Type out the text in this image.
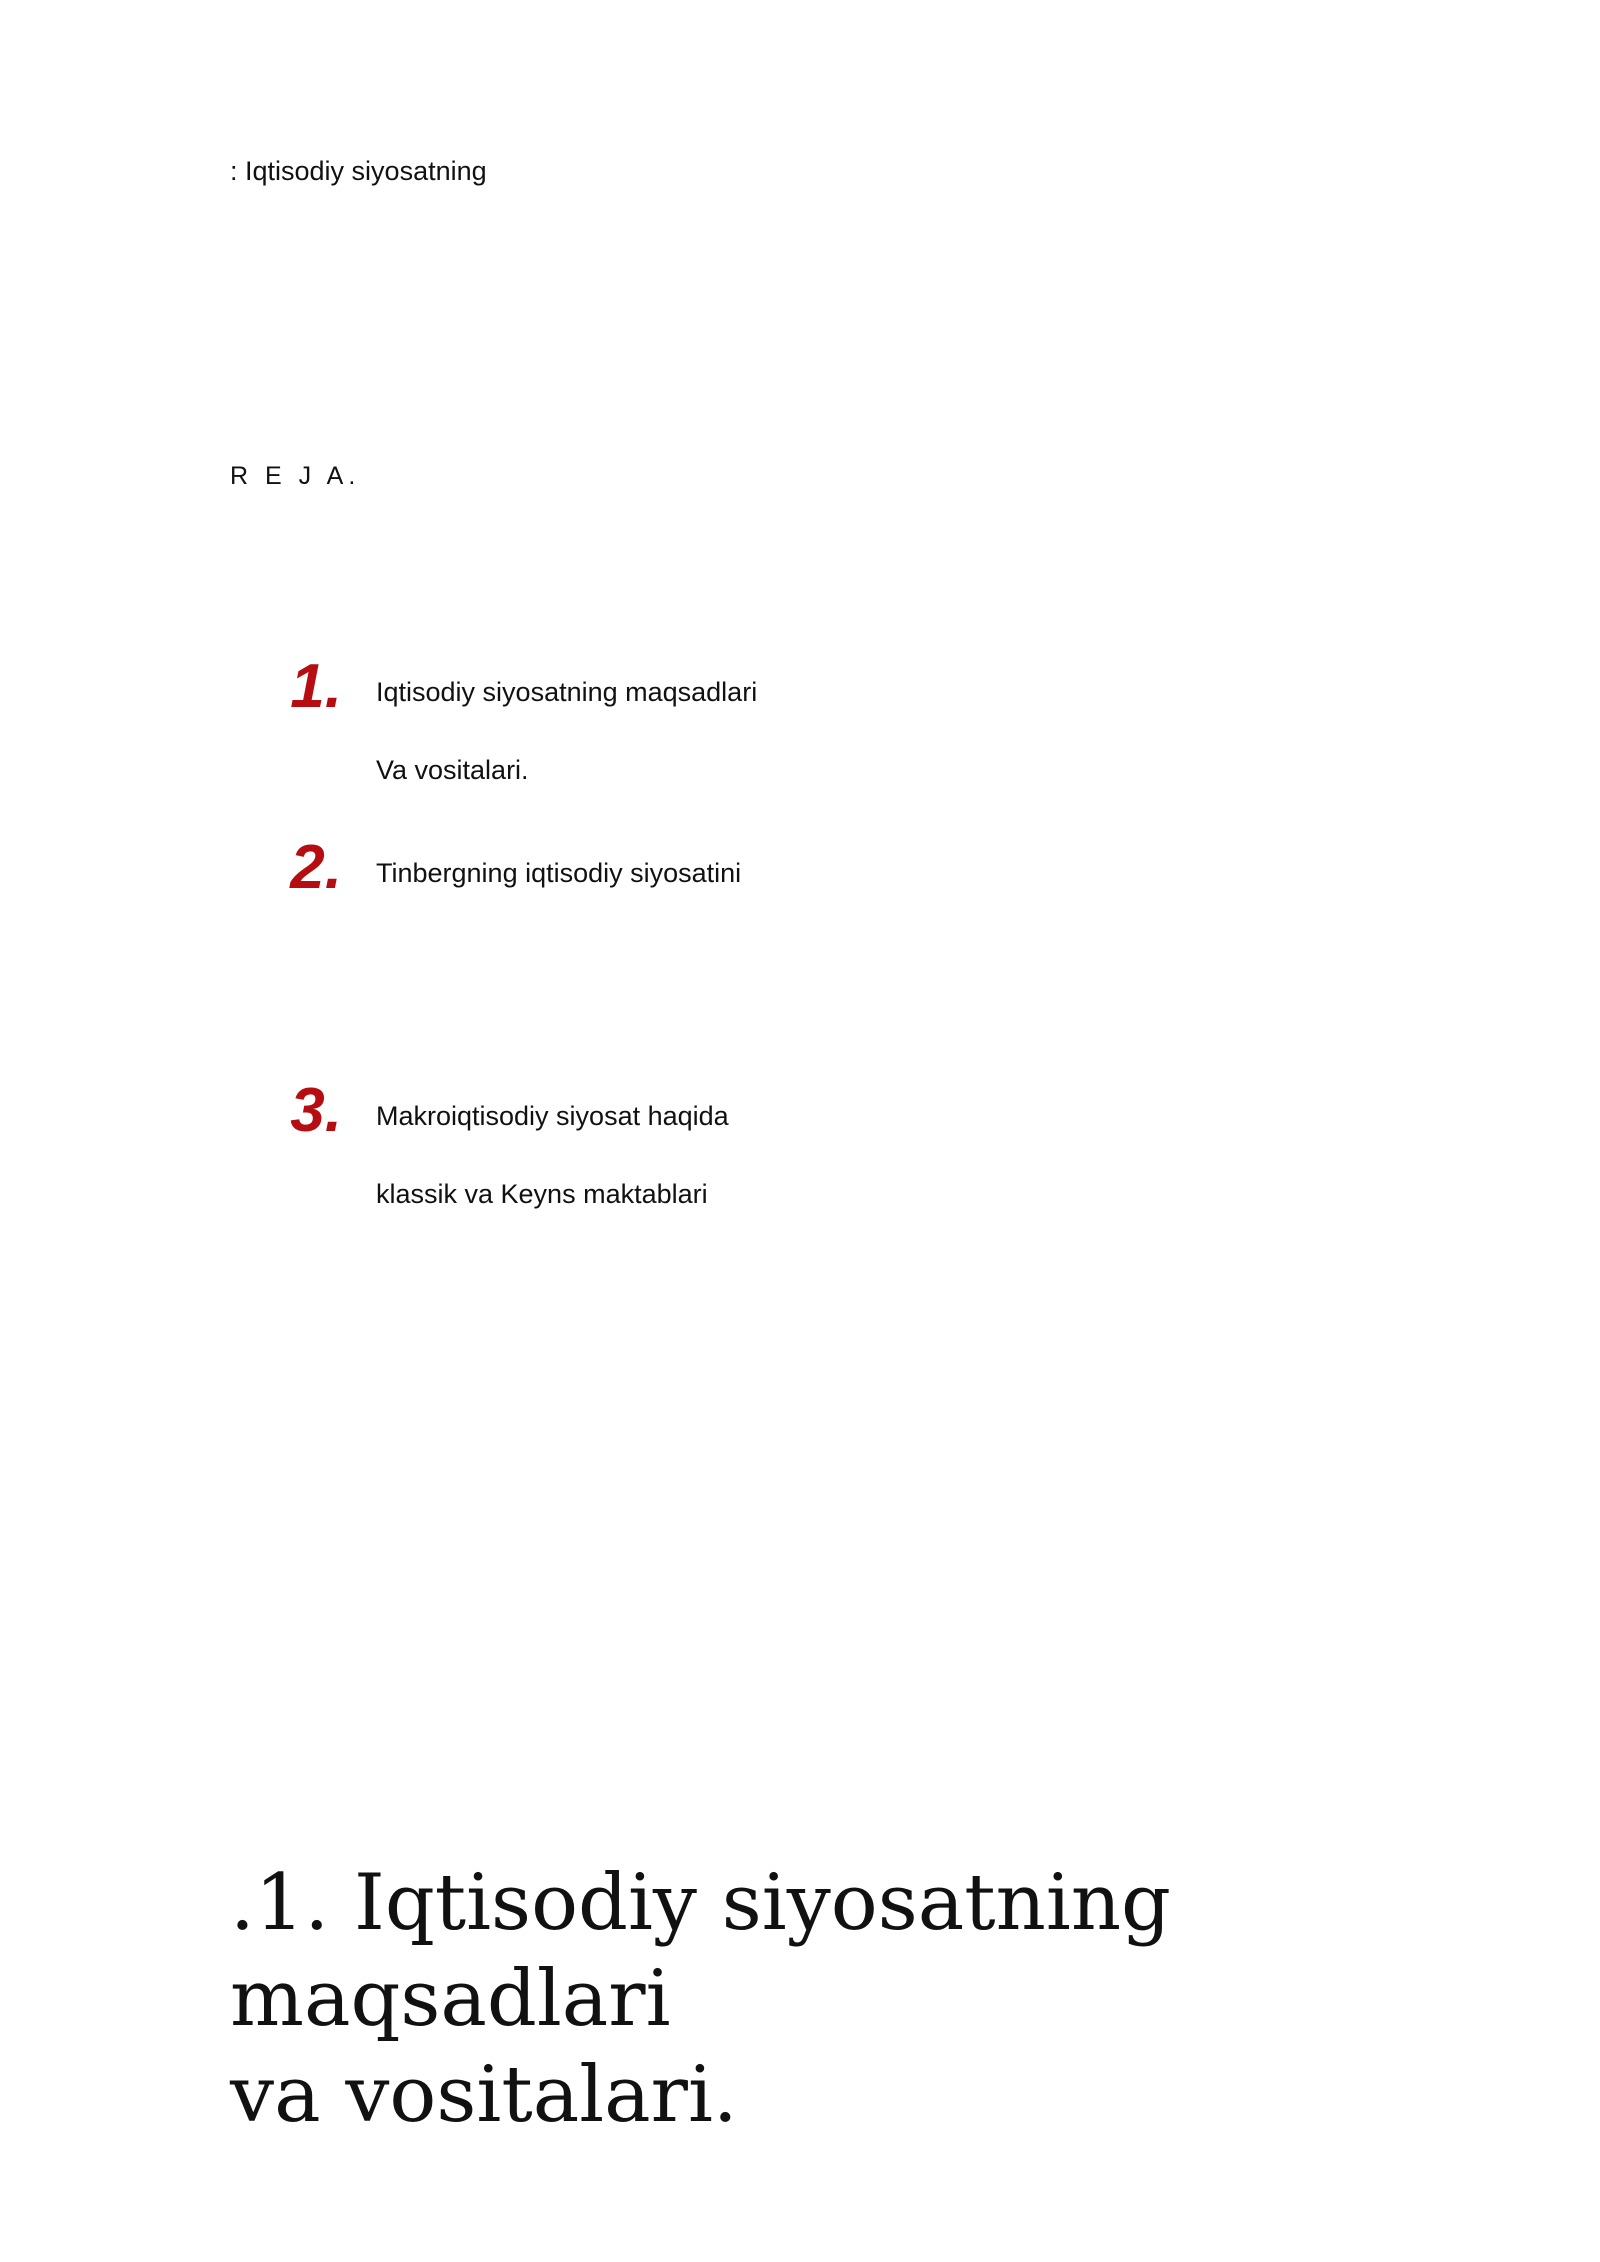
: Iqtisodiy siyosatning
R E J A.
1. Iqtisodiy siyosatning maqsadlari
Va vositalari.
2. Tinbergning iqtisodiy siyosatini
3. Makroiqtisodiy siyosat haqida
klassik va Keyns maktablari
.1. Iqtisodiy siyosatning maqsadlari
va vositalari.
